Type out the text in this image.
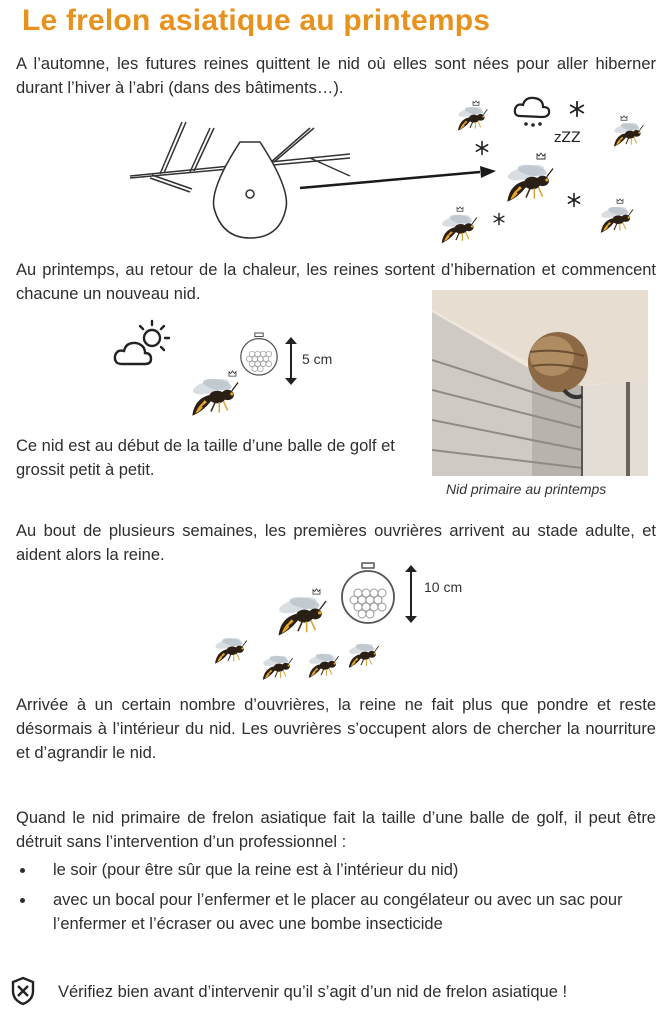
Le frelon asiatique au printemps
A l’automne, les futures reines quittent le nid où elles sont nées pour aller hiberner durant l’hiver à l’abri (dans des bâtiments…).
zZZ
Au printemps, au retour de la chaleur, les reines sortent d’hibernation et commencent chacune un nouveau nid.
5 cm
Nid primaire au printemps
Ce nid est au début de la taille d’une balle de golf et grossit petit à petit.
Au bout de plusieurs semaines, les premières ouvrières arrivent au stade adulte, et aident alors la reine.
10 cm
Arrivée à un certain nombre d’ouvrières, la reine ne fait plus que pondre et reste désormais à l’intérieur du nid. Les ouvrières s’occupent alors de chercher la nourriture et d’agrandir le nid.
Quand le nid primaire de frelon asiatique fait la taille d’une balle de golf, il peut être détruit sans l’intervention d’un professionnel :
le soir (pour être sûr que la reine est à l’intérieur du nid)
avec un bocal pour l’enfermer et le placer au congélateur ou avec un sac pour l’enfermer et l’écraser ou avec une bombe insecticide
Vérifiez bien avant d’intervenir qu’il s’agit d’un nid de frelon asiatique !
